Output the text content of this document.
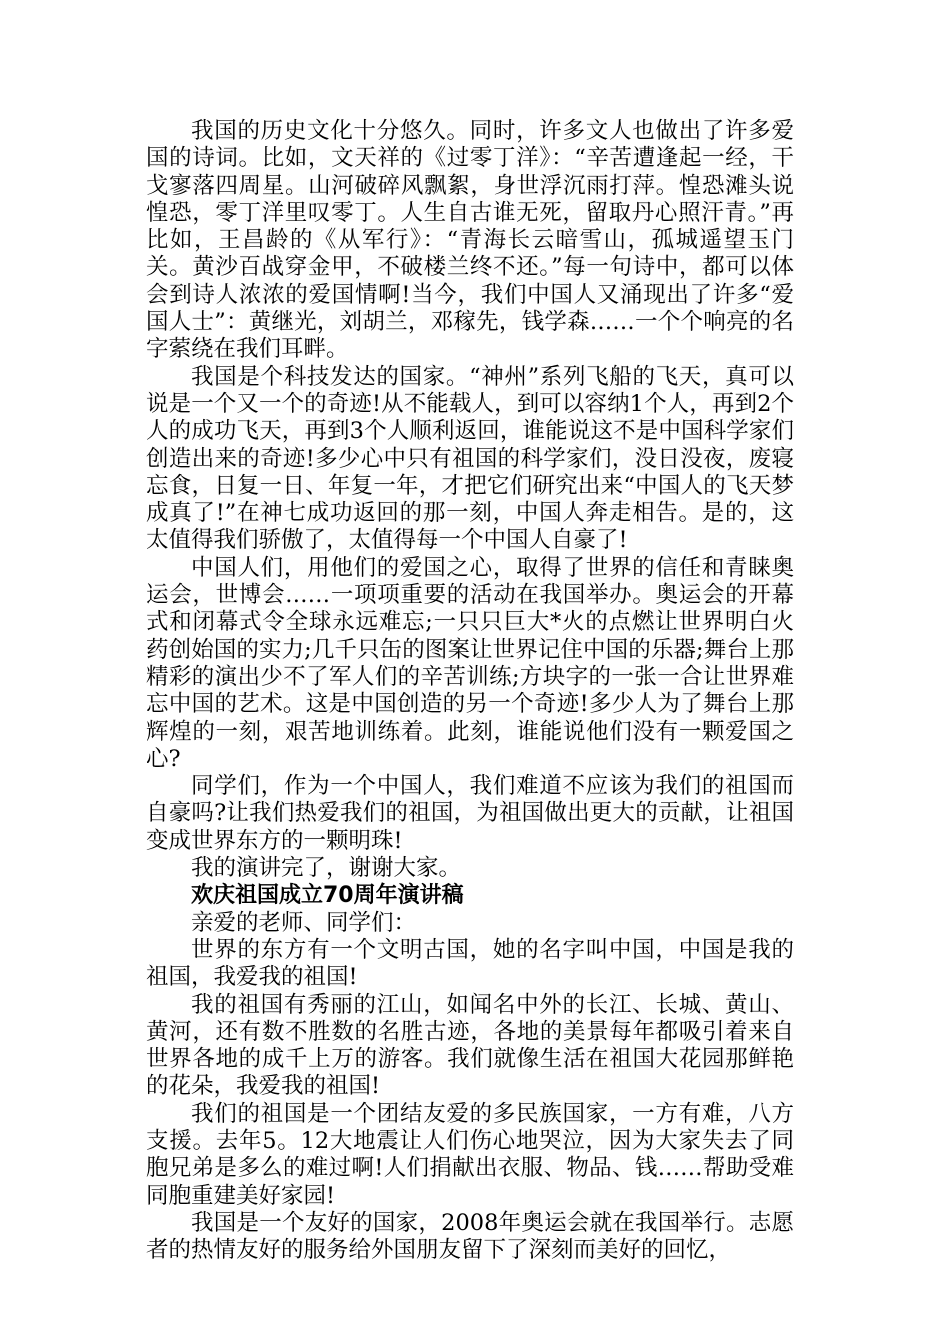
我国的历史文化十分悠久。同时，许多文人也做出了许多爱国的诗词。比如，文天祥的《过零丁洋》：“辛苦遭逢起一经，干戈寥落四周星。山河破碎风飘絮，身世浮沉雨打萍。惶恐滩头说惶恐，零丁洋里叹零丁。人生自古谁无死，留取丹心照汗青。”再比如，王昌龄的《从军行》：“青海长云暗雪山，孤城遥望玉门关。黄沙百战穿金甲，不破楼兰终不还。”每一句诗中，都可以体会到诗人浓浓的爱国情啊!当今，我们中国人又涌现出了许多“爱国人士”：黄继光，刘胡兰，邓稼先，钱学森……一个个响亮的名字萦绕在我们耳畔。

我国是个科技发达的国家。“神州”系列飞船的飞天，真可以说是一个又一个的奇迹!从不能载人，到可以容纳1个人，再到2个人的成功飞天，再到3个人顺利返回，谁能说这不是中国科学家们创造出来的奇迹!多少心中只有祖国的科学家们，没日没夜，废寝忘食，日复一日、年复一年，才把它们研究出来“中国人的飞天梦成真了!”在神七成功返回的那一刻，中国人奔走相告。是的，这太值得我们骄傲了，太值得每一个中国人自豪了!

中国人们，用他们的爱国之心，取得了世界的信任和青睐奥运会，世博会……一项项重要的活动在我国举办。奥运会的开幕式和闭幕式令全球永远难忘;一只只巨大*火的点燃让世界明白火药创始国的实力;几千只缶的图案让世界记住中国的乐器;舞台上那精彩的演出少不了军人们的辛苦训练;方块字的一张一合让世界难忘中国的艺术。这是中国创造的另一个奇迹!多少人为了舞台上那辉煌的一刻，艰苦地训练着。此刻，谁能说他们没有一颗爱国之心?

同学们，作为一个中国人，我们难道不应该为我们的祖国而自豪吗?让我们热爱我们的祖国，为祖国做出更大的贡献，让祖国变成世界东方的一颗明珠!

我的演讲完了，谢谢大家。

欢庆祖国成立70周年演讲稿

亲爱的老师、同学们：

世界的东方有一个文明古国，她的名字叫中国，中国是我的祖国，我爱我的祖国!

我的祖国有秀丽的江山，如闻名中外的长江、长城、黄山、黄河，还有数不胜数的名胜古迹，各地的美景每年都吸引着来自世界各地的成千上万的游客。我们就像生活在祖国大花园那鲜艳的花朵，我爱我的祖国!

我们的祖国是一个团结友爱的多民族国家，一方有难，八方支援。去年5。12大地震让人们伤心地哭泣，因为大家失去了同胞兄弟是多么的难过啊!人们捐献出衣服、物品、钱……帮助受难同胞重建美好家园!

我国是一个友好的国家，2008年奥运会就在我国举行。志愿者的热情友好的服务给外国朋友留下了深刻而美好的回忆，
